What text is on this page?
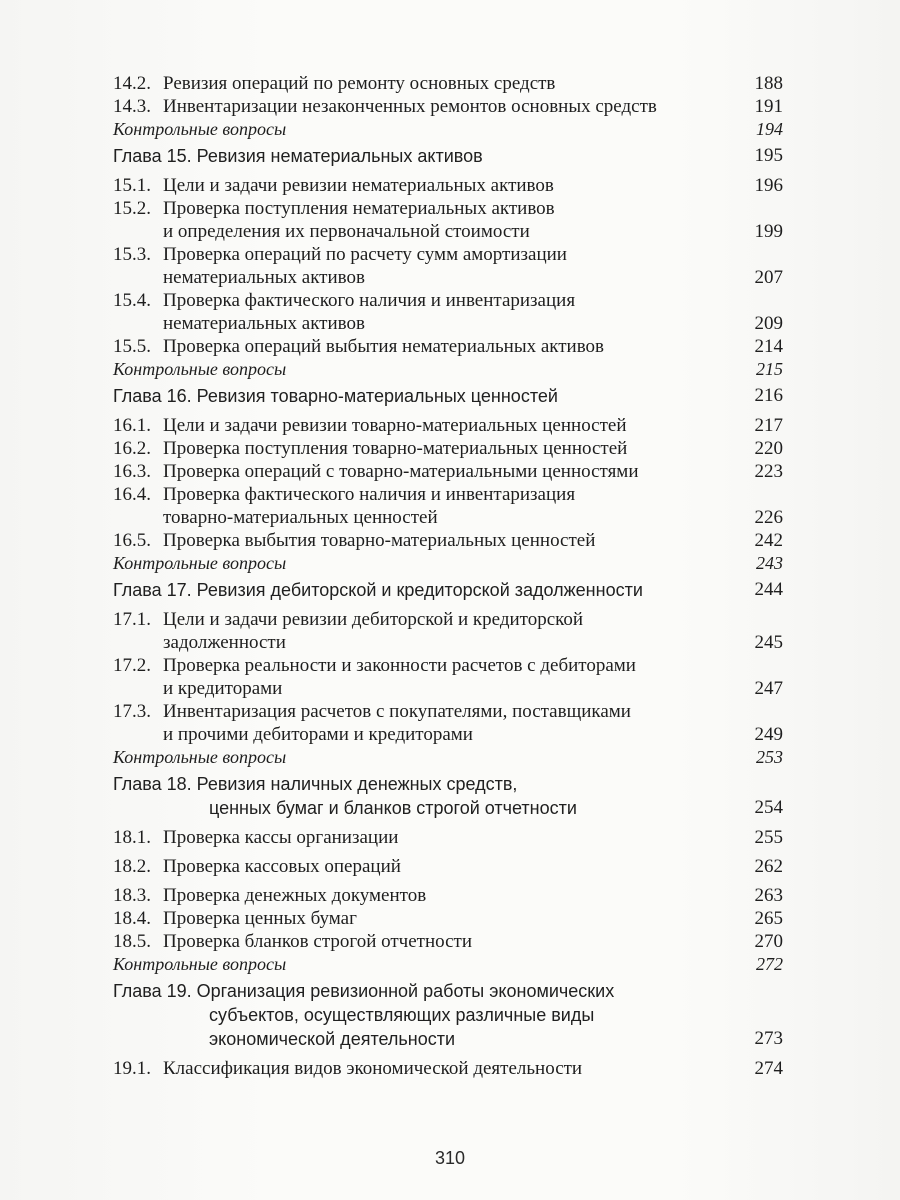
14.2. Ревизия операций по ремонту основных средств	188
14.3. Инвентаризации незаконченных ремонтов основных средств	191
Контрольные вопросы	194
Глава 15. Ревизия нематериальных активов	195
15.1. Цели и задачи ревизии нематериальных активов	196
15.2. Проверка поступления нематериальных активов
и определения их первоначальной стоимости	199
15.3. Проверка операций по расчету сумм амортизации
нематериальных активов	207
15.4. Проверка фактического наличия и инвентаризация
нематериальных активов	209
15.5. Проверка операций выбытия нематериальных активов	214
Контрольные вопросы	215
Глава 16. Ревизия товарно-материальных ценностей	216
16.1. Цели и задачи ревизии товарно-материальных ценностей	217
16.2. Проверка поступления товарно-материальных ценностей	220
16.3. Проверка операций с товарно-материальными ценностями	223
16.4. Проверка фактического наличия и инвентаризация
товарно-материальных ценностей	226
16.5. Проверка выбытия товарно-материальных ценностей	242
Контрольные вопросы	243
Глава 17. Ревизия дебиторской и кредиторской задолженности	244
17.1. Цели и задачи ревизии дебиторской и кредиторской
задолженности	245
17.2. Проверка реальности и законности расчетов с дебиторами
и кредиторами	247
17.3. Инвентаризация расчетов с покупателями, поставщиками
и прочими дебиторами и кредиторами	249
Контрольные вопросы	253
Глава 18. Ревизия наличных денежных средств,
ценных бумаг и бланков строгой отчетности	254
18.1. Проверка кассы организации	255
18.2. Проверка кассовых операций	262
18.3. Проверка денежных документов	263
18.4. Проверка ценных бумаг	265
18.5. Проверка бланков строгой отчетности	270
Контрольные вопросы	272
Глава 19. Организация ревизионной работы экономических
субъектов, осуществляющих различные виды
экономической деятельности	273
19.1. Классификация видов экономической деятельности	274
310
